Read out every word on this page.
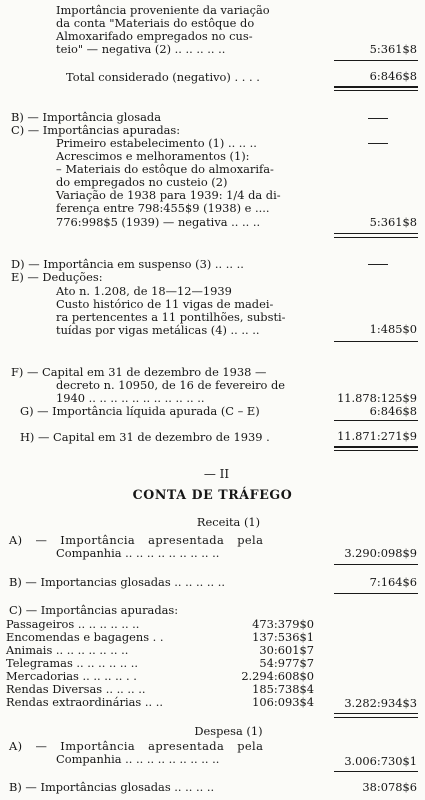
Importância proveniente da variação
da conta "Materiais do estôque do
Almoxarifado empregados no cus-
teio" — negativa (2) .. .. .. .. ..	5:361$8
Total considerado (negativo) . . . .	6:846$8
B) — Importância glosada
C) — Importâncias apuradas:
Primeiro estabelecimento (1) .. .. ..
Acrescimos e melhoramentos (1):
– Materiais do estôque do almoxarifa-
do empregados no custeio (2)
Variação de 1938 para 1939: 1/4 da di-
ferença entre 798:455$9 (1938) e ....
776:998$5 (1939) — negativa .. .. ..	5:361$8
D) — Importância em suspenso (3) .. .. ..
E) — Deduções:
Ato n. 1.208, de 18—12—1939
Custo histórico de 11 vigas de madei-
ra pertencentes a 11 pontilhões, substi-
tuídas por vigas metálicas (4) .. .. ..	1:485$0
F) — Capital em 31 de dezembro de 1938 —
decreto n. 10950, de 16 de fevereiro de
1940 .. .. .. .. .. .. .. .. .. .. ..	11.878:125$9
G) — Importância líquida apurada (C – E)	6:846$8
H) — Capital em 31 de dezembro de 1939 .	11.871:271$9
— II
CONTA DE TRÁFEGO
Receita (1)
A) — Importância apresentada pela
Companhia .. .. .. .. .. .. .. .. ..	3.290:098$9
B) — Importancias glosadas .. .. .. .. ..	7:164$6
C) — Importâncias apuradas:
Passageiros .. .. .. .. .. ..	473:379$0
Encomendas e bagagens . .	137:536$1
Animais .. .. .. .. .. .. ..	30:601$7
Telegramas .. .. .. .. .. ..	54:977$7
Mercadorias .. .. .. .. . .	2.294:608$0
Rendas Diversas .. .. .. ..	185:738$4
Rendas extraordinárias .. ..	106:093$4	3.282:934$3
Despesa (1)
A) — Importância apresentada pela
Companhia .. .. .. .. .. .. .. .. ..	3.006:730$1
B) — Importâncias glosadas .. .. .. ..	38:078$6
